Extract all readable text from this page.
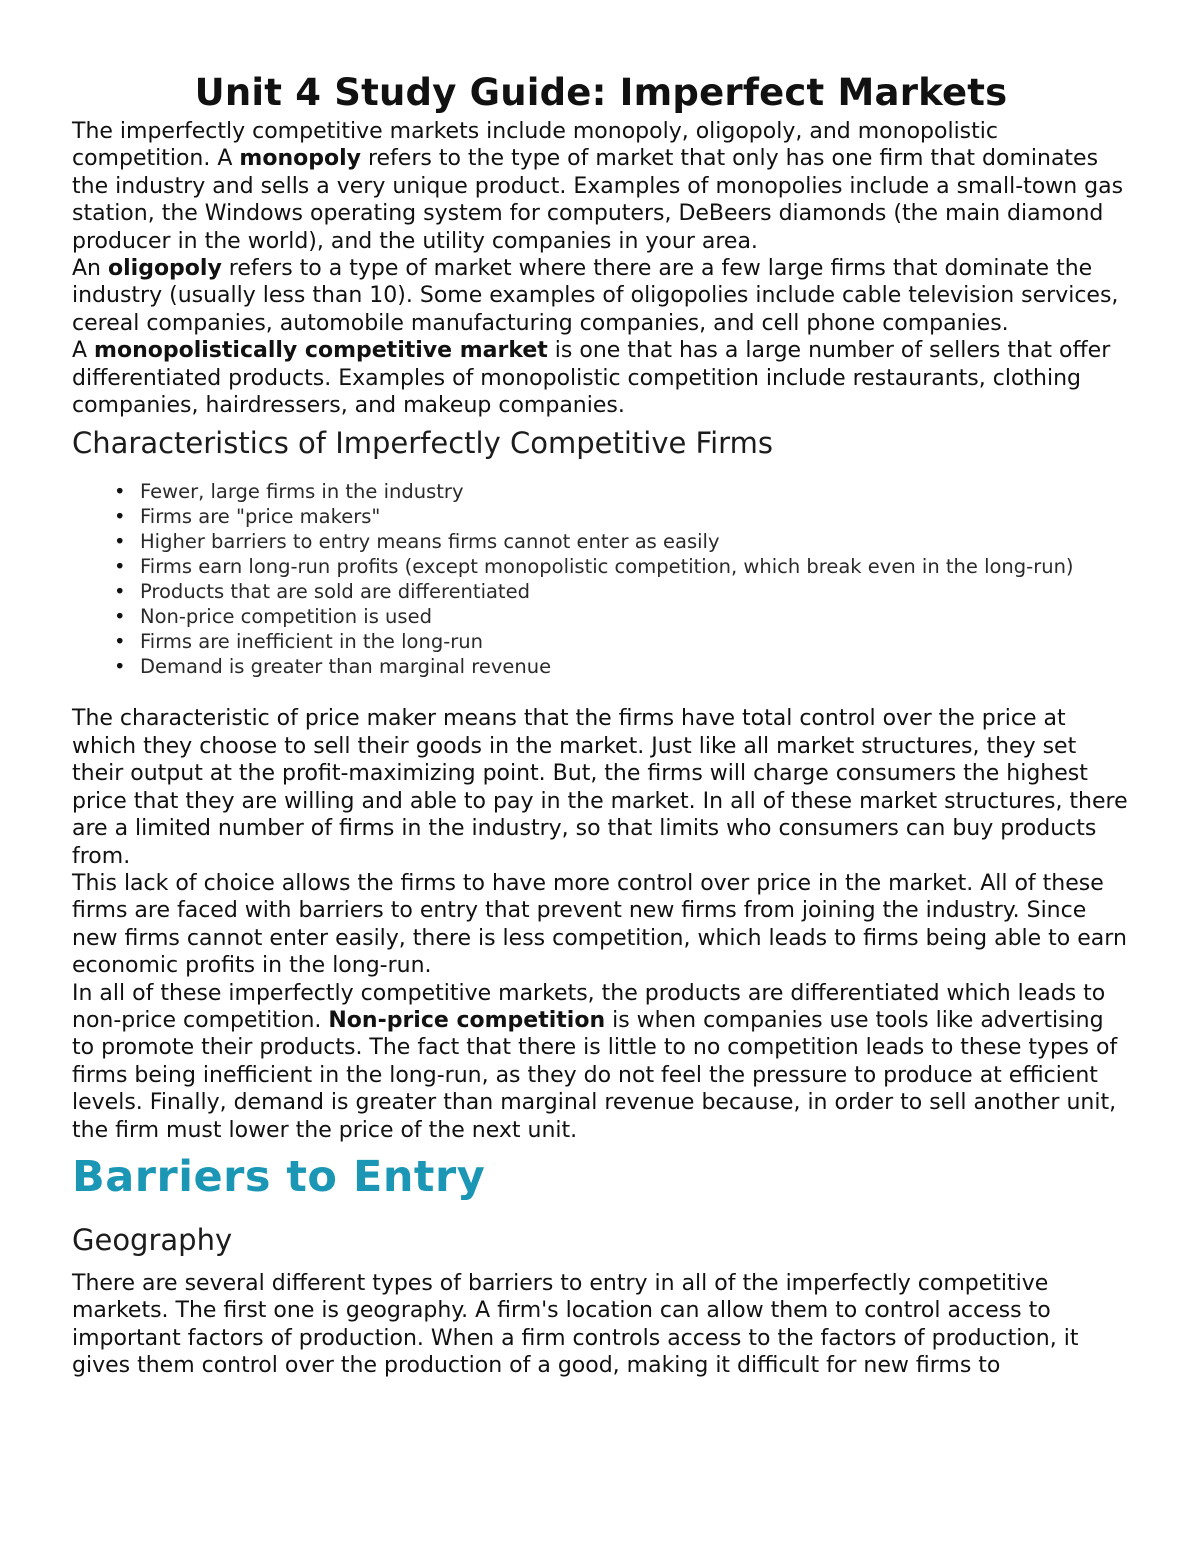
Unit 4 Study Guide: Imperfect Markets

The imperfectly competitive markets include monopoly, oligopoly, and monopolistic competition. A monopoly refers to the type of market that only has one firm that dominates the industry and sells a very unique product. Examples of monopolies include a small-town gas station, the Windows operating system for computers, DeBeers diamonds (the main diamond producer in the world), and the utility companies in your area.

An oligopoly refers to a type of market where there are a few large firms that dominate the industry (usually less than 10). Some examples of oligopolies include cable television services, cereal companies, automobile manufacturing companies, and cell phone companies.

A monopolistically competitive market is one that has a large number of sellers that offer differentiated products. Examples of monopolistic competition include restaurants, clothing companies, hairdressers, and makeup companies.

Characteristics of Imperfectly Competitive Firms
• Fewer, large firms in the industry
• Firms are "price makers"
• Higher barriers to entry means firms cannot enter as easily
• Firms earn long-run profits (except monopolistic competition, which break even in the long-run)
• Products that are sold are differentiated
• Non-price competition is used
• Firms are inefficient in the long-run
• Demand is greater than marginal revenue

The characteristic of price maker means that the firms have total control over the price at which they choose to sell their goods in the market. Just like all market structures, they set their output at the profit-maximizing point. But, the firms will charge consumers the highest price that they are willing and able to pay in the market. In all of these market structures, there are a limited number of firms in the industry, so that limits who consumers can buy products from.

This lack of choice allows the firms to have more control over price in the market. All of these firms are faced with barriers to entry that prevent new firms from joining the industry. Since new firms cannot enter easily, there is less competition, which leads to firms being able to earn economic profits in the long-run.

In all of these imperfectly competitive markets, the products are differentiated which leads to non-price competition. Non-price competition is when companies use tools like advertising to promote their products. The fact that there is little to no competition leads to these types of firms being inefficient in the long-run, as they do not feel the pressure to produce at efficient levels. Finally, demand is greater than marginal revenue because, in order to sell another unit, the firm must lower the price of the next unit.

Barriers to Entry
Geography

There are several different types of barriers to entry in all of the imperfectly competitive markets. The first one is geography. A firm's location can allow them to control access to important factors of production. When a firm controls access to the factors of production, it gives them control over the production of a good, making it difficult for new firms to
